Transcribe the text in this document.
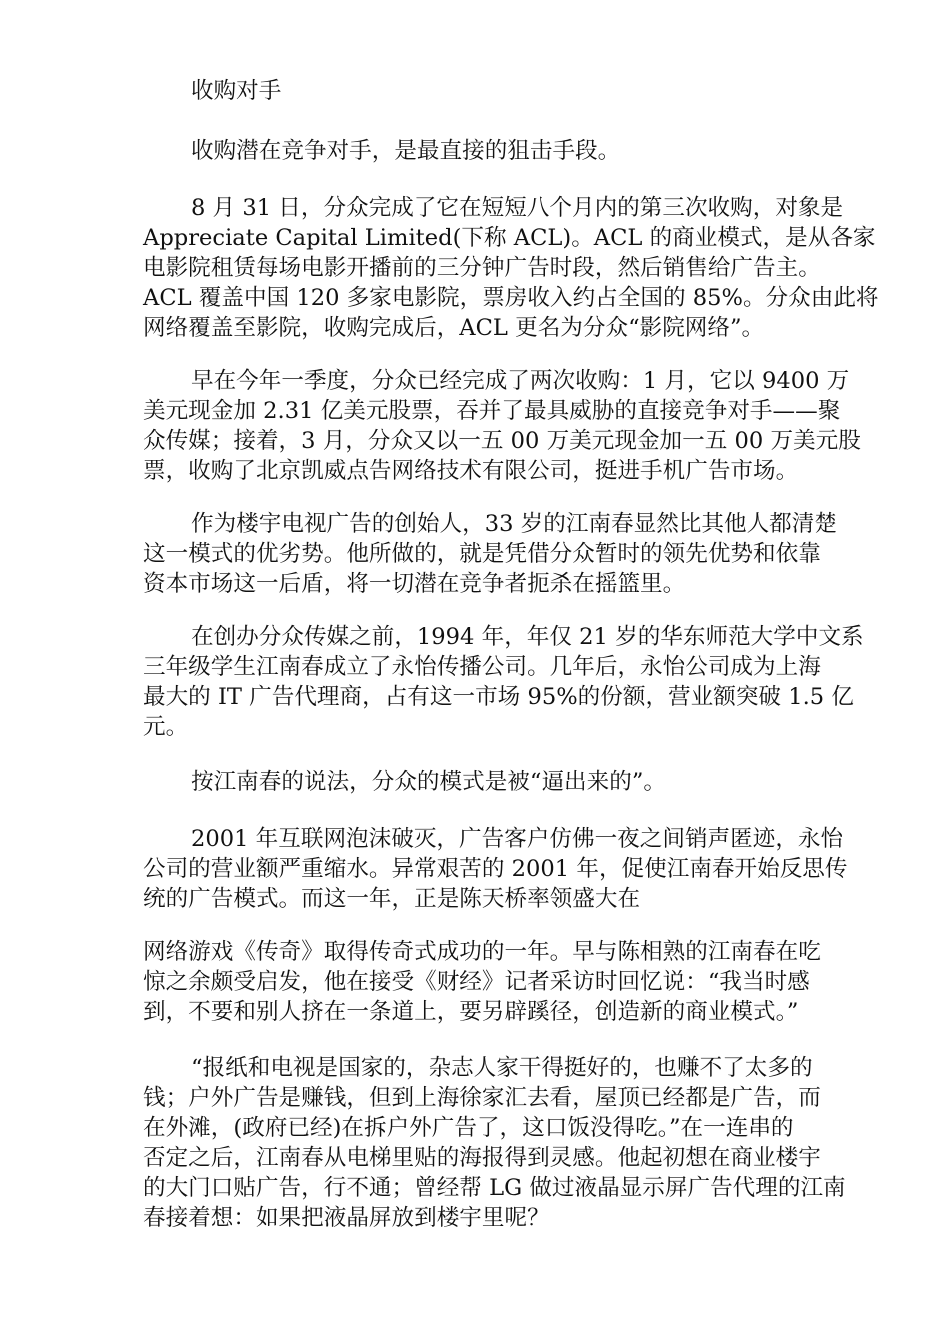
收购对手
收购潜在竞争对手，是最直接的狙击手段。
8 月 31 日，分众完成了它在短短八个月内的第三次收购，对象是
Appreciate Capital Limited(下称 ACL)。ACL 的商业模式，是从各家
电影院租赁每场电影开播前的三分钟广告时段，然后销售给广告主。
ACL 覆盖中国 120 多家电影院，票房收入约占全国的 85%。分众由此将
网络覆盖至影院，收购完成后，ACL 更名为分众“影院网络”。
早在今年一季度，分众已经完成了两次收购：1 月，它以 9400 万
美元现金加 2.31 亿美元股票，吞并了最具威胁的直接竞争对手——聚
众传媒；接着，3 月，分众又以一五 00 万美元现金加一五 00 万美元股
票，收购了北京凯威点告网络技术有限公司，挺进手机广告市场。
作为楼宇电视广告的创始人，33 岁的江南春显然比其他人都清楚
这一模式的优劣势。他所做的，就是凭借分众暂时的领先优势和依靠
资本市场这一后盾，将一切潜在竞争者扼杀在摇篮里。
在创办分众传媒之前，1994 年，年仅 21 岁的华东师范大学中文系
三年级学生江南春成立了永怡传播公司。几年后，永怡公司成为上海
最大的 IT 广告代理商，占有这一市场 95%的份额，营业额突破 1.5 亿
元。
按江南春的说法，分众的模式是被“逼出来的”。
2001 年互联网泡沫破灭，广告客户仿佛一夜之间销声匿迹，永怡
公司的营业额严重缩水。异常艰苦的 2001 年，促使江南春开始反思传
统的广告模式。而这一年，正是陈天桥率领盛大在
网络游戏《传奇》取得传奇式成功的一年。早与陈相熟的江南春在吃
惊之余颇受启发，他在接受《财经》记者采访时回忆说：“我当时感
到，不要和别人挤在一条道上，要另辟蹊径，创造新的商业模式。”
“报纸和电视是国家的，杂志人家干得挺好的，也赚不了太多的
钱；户外广告是赚钱，但到上海徐家汇去看，屋顶已经都是广告，而
在外滩，(政府已经)在拆户外广告了，这口饭没得吃。”在一连串的
否定之后，江南春从电梯里贴的海报得到灵感。他起初想在商业楼宇
的大门口贴广告，行不通；曾经帮 LG 做过液晶显示屏广告代理的江南
春接着想：如果把液晶屏放到楼宇里呢？
